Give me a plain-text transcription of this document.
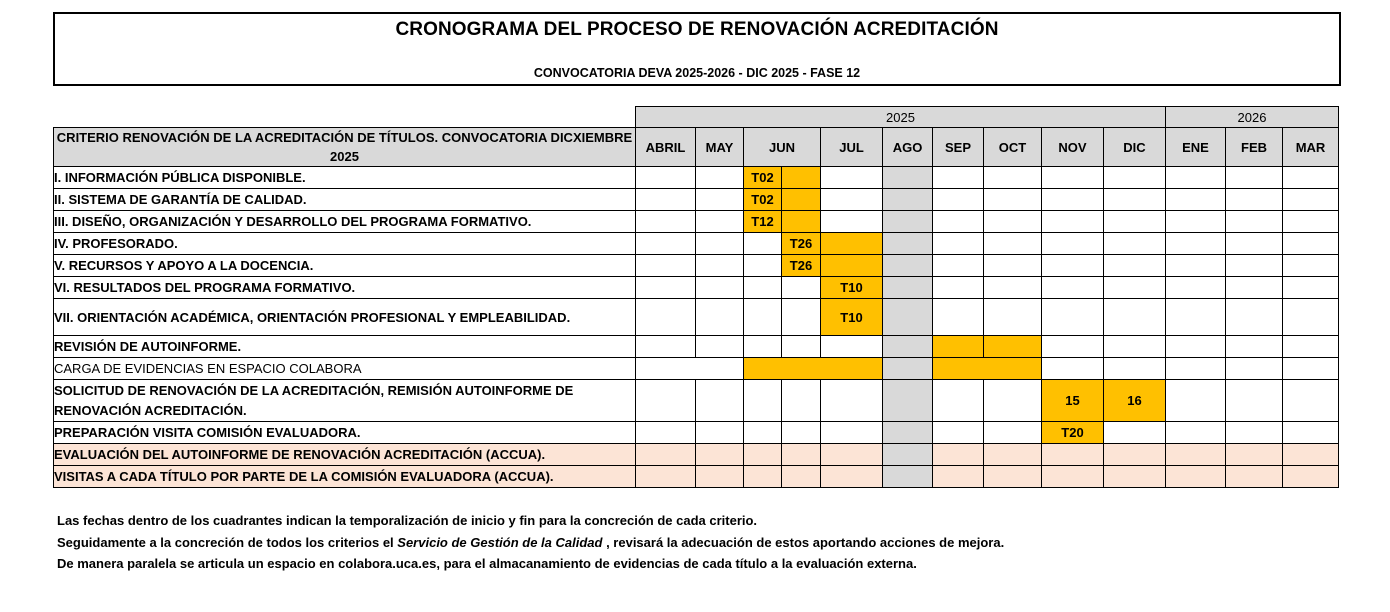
CRONOGRAMA DEL PROCESO DE RENOVACIÓN ACREDITACIÓN
CONVOCATORIA DEVA 2025-2026 - DIC 2025 - FASE 12
	2025										2026		
CRITERIO RENOVACIÓN DE LA ACREDITACIÓN DE TÍTULOS. CONVOCATORIA DICXIEMBRE 2025	ABRIL	MAY	JUN		JUL	AGO	SEP	OCT	NOV	DIC	ENE	FEB	MAR
I. INFORMACIÓN PÚBLICA DISPONIBLE.			T02										
II. SISTEMA DE GARANTÍA DE CALIDAD.			T02										
III. DISEÑO, ORGANIZACIÓN Y DESARROLLO DEL PROGRAMA FORMATIVO.			T12										
IV. PROFESORADO.				T26									
V. RECURSOS Y APOYO A LA DOCENCIA.				T26									
VI. RESULTADOS DEL PROGRAMA FORMATIVO.					T10								
VII. ORIENTACIÓN ACADÉMICA, ORIENTACIÓN PROFESIONAL Y EMPLEABILIDAD.					T10								
REVISIÓN DE AUTOINFORME.													
CARGA DE EVIDENCIAS EN ESPACIO COLABORA													
SOLICITUD DE RENOVACIÓN DE LA ACREDITACIÓN, REMISIÓN AUTOINFORME DE RENOVACIÓN ACREDITACIÓN.									15	16			
PREPARACIÓN VISITA COMISIÓN EVALUADORA.									T20				
EVALUACIÓN DEL AUTOINFORME DE RENOVACIÓN ACREDITACIÓN (ACCUA).													
VISITAS A CADA TÍTULO POR PARTE DE LA COMISIÓN EVALUADORA (ACCUA).													
Las fechas dentro de los cuadrantes indican la temporalización de inicio y fin para la concreción de cada criterio.
Seguidamente a la concreción de todos los criterios el Servicio de Gestión de la Calidad , revisará la adecuación de estos aportando acciones de mejora.
De manera paralela se articula un espacio en colabora.uca.es, para el almacanamiento de evidencias de cada título a la evaluación externa.
